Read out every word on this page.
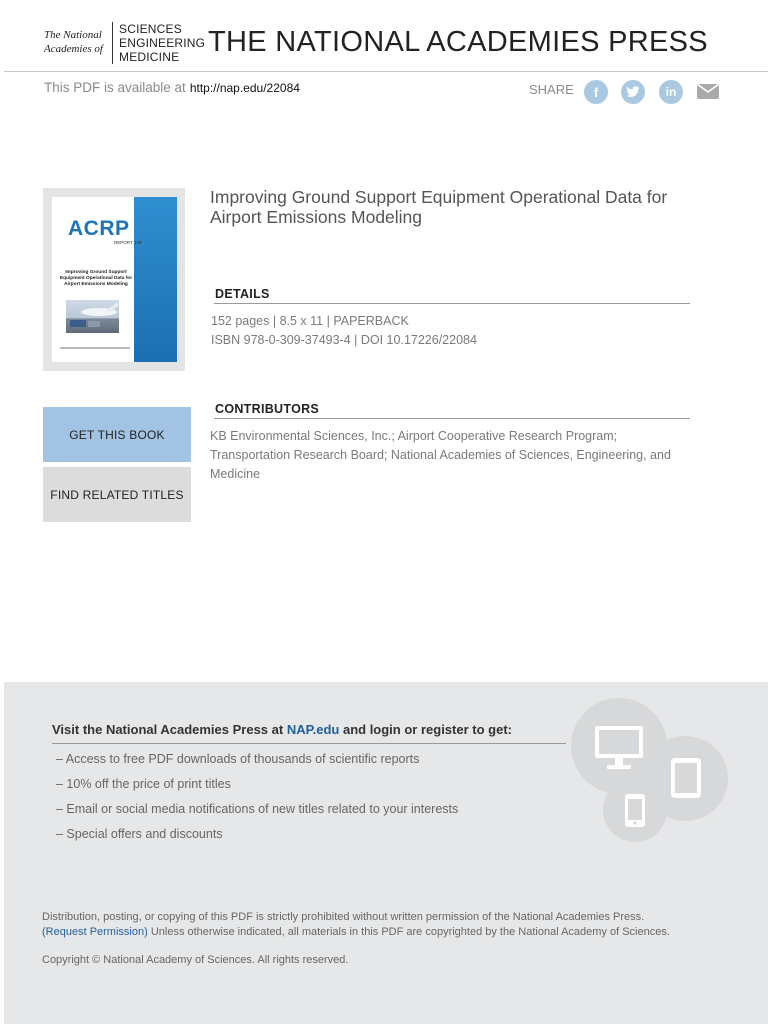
The National
Academies of
SCIENCES
ENGINEERING
MEDICINE THE NATIONAL ACADEMIES PRESS
This PDF is available at http://nap.edu/22084	SHARE	f	in
ACRP
REPORT 149
Improving Ground Support Equipment Operational Data for Airport Emissions Modeling
Improving Ground Support Equipment Operational Data for Airport Emissions Modeling
DETAILS
152 pages | 8.5 x 11 | PAPERBACK
ISBN 978-0-309-37493-4 | DOI 10.17226/22084
CONTRIBUTORS
KB Environmental Sciences, Inc.; Airport Cooperative Research Program;
Transportation Research Board; National Academies of Sciences, Engineering, and
Medicine
GET THIS BOOK
FIND RELATED TITLES
Visit the National Academies Press at NAP.edu and login or register to get:
– Access to free PDF downloads of thousands of scientific reports
– 10% off the price of print titles
– Email or social media notifications of new titles related to your interests
– Special offers and discounts
Distribution, posting, or copying of this PDF is strictly prohibited without written permission of the National Academies Press.
(Request Permission) Unless otherwise indicated, all materials in this PDF are copyrighted by the National Academy of Sciences.
Copyright © National Academy of Sciences. All rights reserved.
